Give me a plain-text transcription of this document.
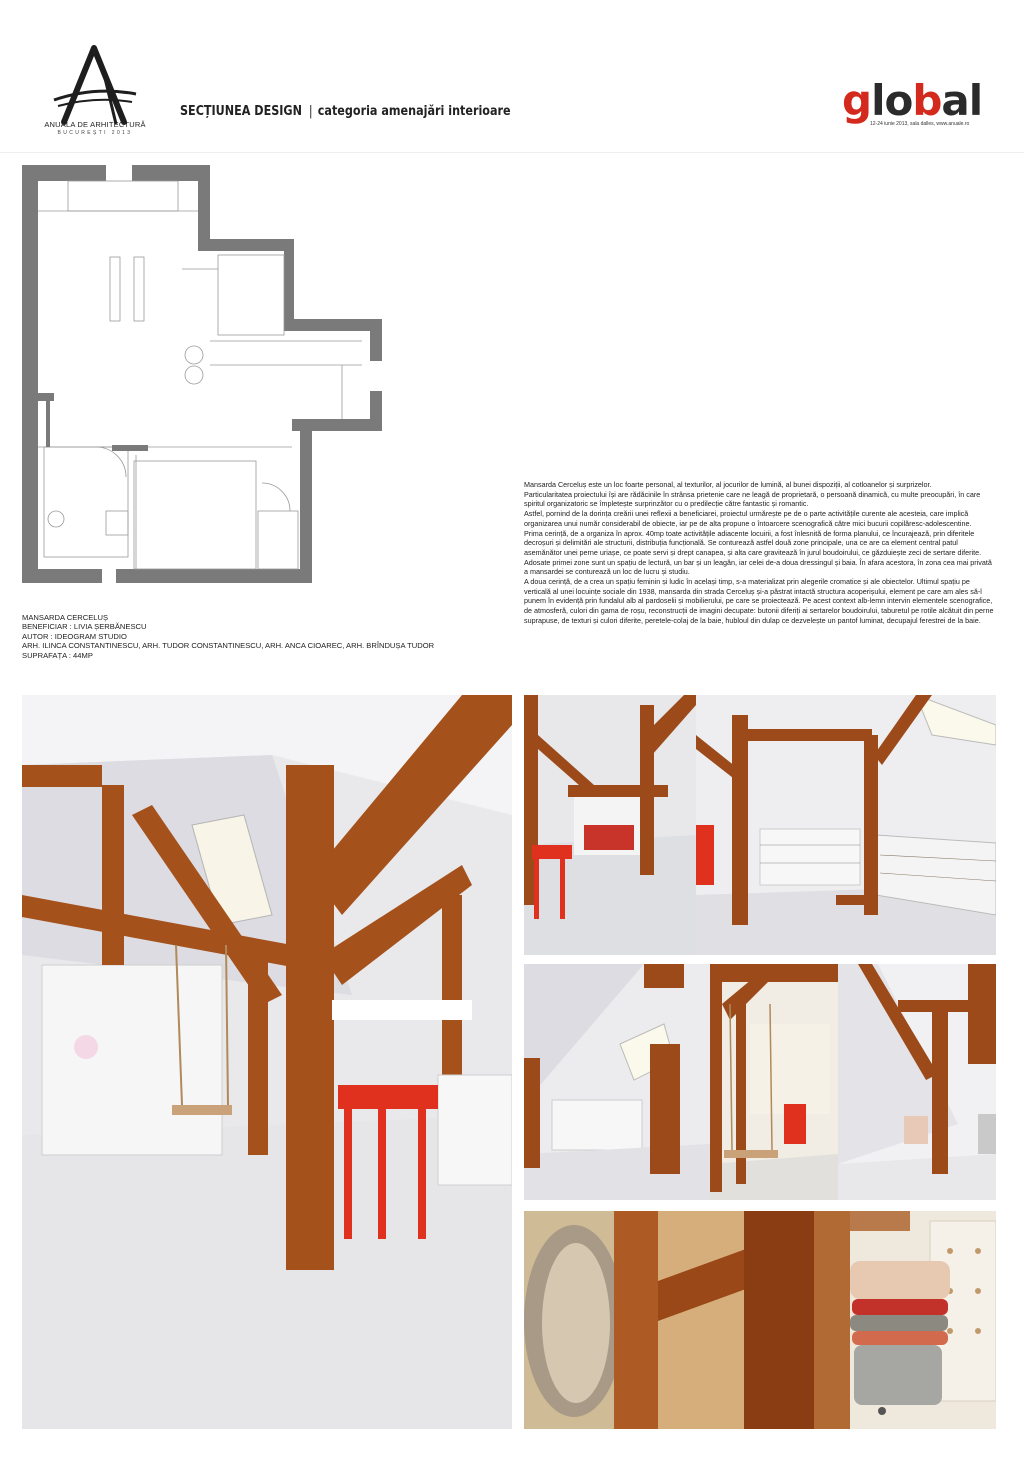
ANUALA DE ARHITECTURĂ
BUCUREȘTI 2013
SECȚIUNEA DESIGN | categoria amenajări interioare	global
12-24 iunie 2013, sala dalles, www.anuale.ro
MANSARDA CERCELUȘ
BENEFICIAR : LIVIA ȘERBĂNESCU
AUTOR : IDEOGRAM STUDIO
ARH. ILINCA CONSTANTINESCU, ARH. TUDOR CONSTANTINESCU, ARH. ANCA CIOAREC, ARH. BRÎNDUȘA TUDOR
SUPRAFAȚA : 44MP

Mansarda Cerceluș este un loc foarte personal, al texturilor, al jocurilor de lumină, al bunei dispoziții, al cotloanelor și surprizelor.

Particularitatea proiectului își are rădăcinile în strânsa prietenie care ne leagă de proprietară, o persoană dinamică, cu multe preocupări, în care spiritul organizatoric se împletește surprinzător cu o predilecție către fantastic și romantic.

Astfel, pornind de la dorința creării unei reflexii a beneficiarei, proiectul urmărește pe de o parte activitățile curente ale acesteia, care implică organizarea unui număr considerabil de obiecte, iar pe de alta propune o întoarcere scenografică către mici bucurii copilăresc-adolescentine.

Prima cerință, de a organiza în aprox. 40mp toate activitățile adiacente locuirii, a fost înlesnită de forma planului, ce încurajează, prin diferitele decroșuri și delimitări ale structurii, distribuția funcțională. Se conturează astfel două zone principale, una ce are ca element central patul asemănător unei perne uriașe, ce poate servi și drept canapea, și alta care gravitează în jurul boudoirului, ce găzduiește zeci de sertare diferite. Adosate primei zone sunt un spațiu de lectură, un bar și un leagăn, iar celei de-a doua dressingul și baia. În afara acestora, în zona cea mai privată a mansardei se conturează un loc de lucru și studiu.

A doua cerință, de a crea un spațiu feminin și ludic în același timp, s-a materializat prin alegerile cromatice și ale obiectelor. Ultimul spațiu pe verticală al unei locuințe sociale din 1938, mansarda din strada Cerceluș și-a păstrat intactă structura acoperișului, element pe care am ales să-l punem în evidență prin fundalul alb al pardoselii și mobilierului, pe care se proiectează. Pe acest context alb-lemn intervin elementele scenografice, de atmosferă, culori din gama de roșu, reconstrucții de imagini decupate: butonii diferiți ai sertarelor boudoirului, taburetul pe rotile alcătuit din perne suprapuse, de texturi și culori diferite, peretele-colaj de la baie, hubloul din dulap ce dezvelește un pantof luminat, decupajul ferestrei de la baie.
